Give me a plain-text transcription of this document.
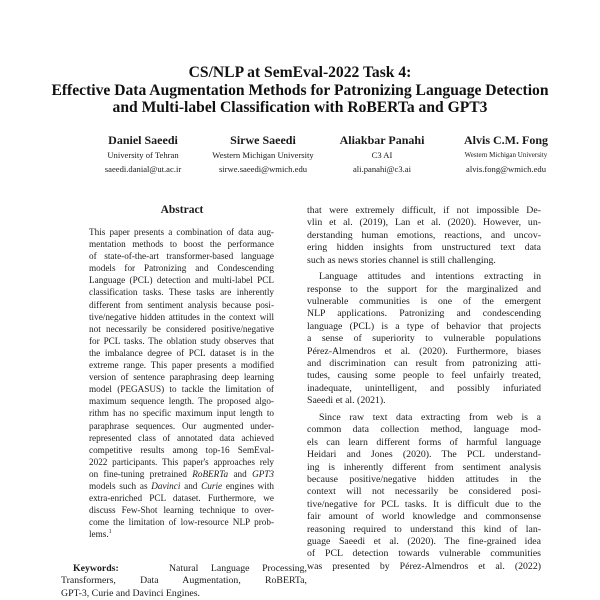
CS/NLP at SemEval-2022 Task 4:
Effective Data Augmentation Methods for Patronizing Language Detection
and Multi-label Classification with RoBERTa and GPT3
Daniel Saeedi
University of Tehran
saeedi.danial@ut.ac.ir
Sirwe Saeedi
Western Michigan University
sirwe.saeedi@wmich.edu
Aliakbar Panahi
C3 AI
ali.panahi@c3.ai
Alvis C.M. Fong
Western Michigan University
alvis.fong@wmich.edu
Abstract
This paper presents a combination of data aug-
mentation methods to boost the performance
of state-of-the-art transformer-based language
models for Patronizing and Condescending
Language (PCL) detection and multi-label PCL
classification tasks. These tasks are inherently
different from sentiment analysis because posi-
tive/negative hidden attitudes in the context will
not necessarily be considered positive/negative
for PCL tasks. The oblation study observes that
the imbalance degree of PCL dataset is in the
extreme range. This paper presents a modified
version of sentence paraphrasing deep learning
model (PEGASUS) to tackle the limitation of
maximum sequence length. The proposed algo-
rithm has no specific maximum input length to
paraphrase sequences. Our augmented under-
represented class of annotated data achieved
competitive results among top-16 SemEval-
2022 participants. This paper's approaches rely
on fine-tuning pretrained RoBERTa and GPT3
models such as Davinci and Curie engines with
extra-enriched PCL dataset. Furthermore, we
discuss Few-Shot learning technique to over-
come the limitation of low-resource NLP prob-
lems.$^1$
Keywords:	Natural Language Processing,
Transformers, Data Augmentation, RoBERTa,
GPT-3, Curie and Davinci Engines.
that were extremely difficult, if not impossible De-
vlin et al. (2019), Lan et al. (2020). However, un-
derstanding human emotions, reactions, and uncov-
ering hidden insights from unstructured text data
such as news stories channel is still challenging.
Language attitudes and intentions extracting in
response to the support for the marginalized and
vulnerable communities is one of the emergent
NLP applications. Patronizing and condescending
language (PCL) is a type of behavior that projects
a sense of superiority to vulnerable populations
Pérez-Almendros et al. (2020). Furthermore, biases
and discrimination can result from patronizing atti-
tudes, causing some people to feel unfairly treated,
inadequate, unintelligent, and possibly infuriated
Saeedi et al. (2021).
Since raw text data extracting from web is a
common data collection method, language mod-
els can learn different forms of harmful language
Heidari and Jones (2020). The PCL understand-
ing is inherently different from sentiment analysis
because positive/negative hidden attitudes in the
context will not necessarily be considered posi-
tive/negative for PCL tasks. It is difficult due to the
fair amount of world knowledge and commonsense
reasoning required to understand this kind of lan-
guage Saeedi et al. (2020). The fine-grained idea
of PCL detection towards vulnerable communities
was presented by Pérez-Almendros et al. (2022)
